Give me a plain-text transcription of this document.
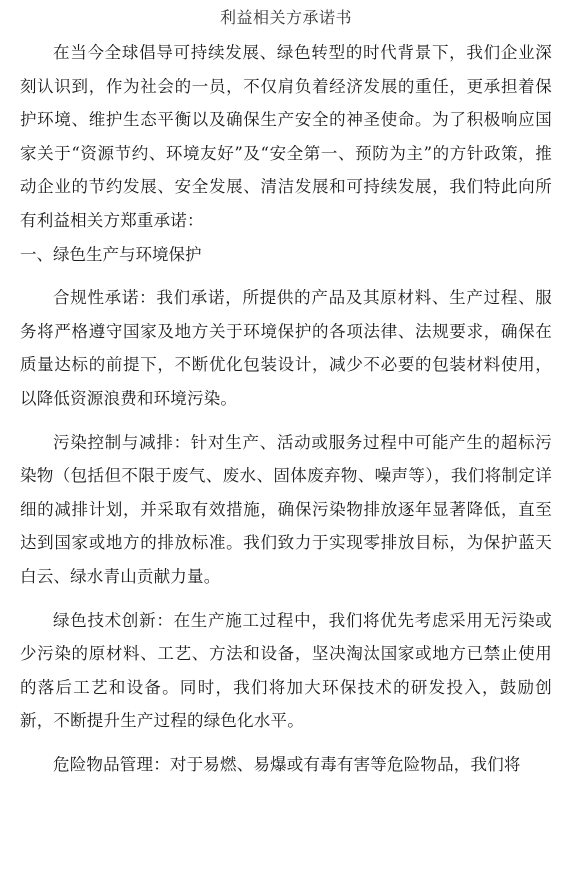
利益相关方承诺书

在当今全球倡导可持续发展、绿色转型的时代背景下，我们企业深刻认识到，作为社会的一员，不仅肩负着经济发展的重任，更承担着保护环境、维护生态平衡以及确保生产安全的神圣使命。为了积极响应国家关于“资源节约、环境友好”及“安全第一、预防为主”的方针政策，推动企业的节约发展、安全发展、清洁发展和可持续发展，我们特此向所有利益相关方郑重承诺：

一、绿色生产与环境保护

合规性承诺：我们承诺，所提供的产品及其原材料、生产过程、服务将严格遵守国家及地方关于环境保护的各项法律、法规要求，确保在质量达标的前提下，不断优化包装设计，减少不必要的包装材料使用，以降低资源浪费和环境污染。

污染控制与减排：针对生产、活动或服务过程中可能产生的超标污染物（包括但不限于废气、废水、固体废弃物、噪声等），我们将制定详细的减排计划，并采取有效措施，确保污染物排放逐年显著降低，直至达到国家或地方的排放标准。我们致力于实现零排放目标，为保护蓝天白云、绿水青山贡献力量。

绿色技术创新：在生产施工过程中，我们将优先考虑采用无污染或少污染的原材料、工艺、方法和设备，坚决淘汰国家或地方已禁止使用的落后工艺和设备。同时，我们将加大环保技术的研发投入，鼓励创新，不断提升生产过程的绿色化水平。

危险物品管理：对于易燃、易爆或有毒有害等危险物品，我们将
